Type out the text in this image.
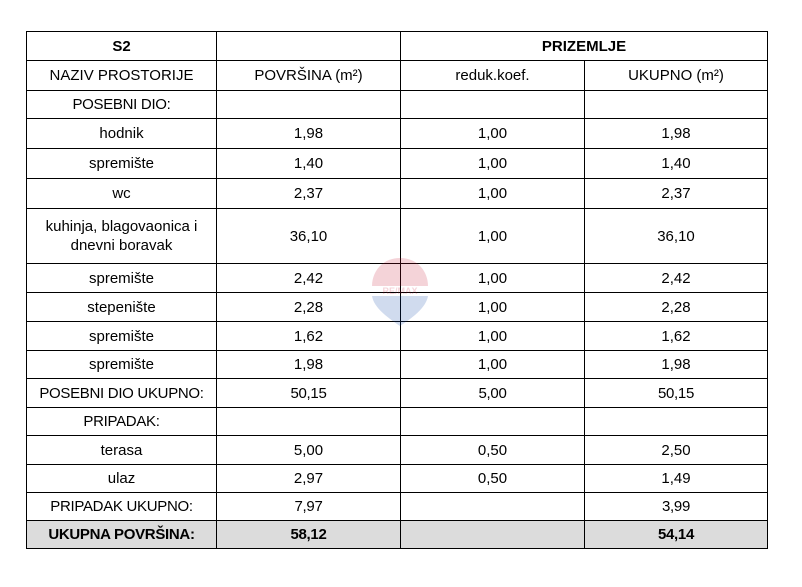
S2		PRIZEMLJE	
NAZIV PROSTORIJE	POVRŠINA (m²)	reduk.koef.	UKUPNO (m²)
POSEBNI DIO:			
hodnik	1,98	1,00	1,98
spremište	1,40	1,00	1,40
wc	2,37	1,00	2,37
kuhinja, blagovaonica i dnevni boravak	36,10	1,00	36,10
spremište	2,42	1,00	2,42
stepenište	2,28	1,00	2,28
spremište	1,62	1,00	1,62
spremište	1,98	1,00	1,98
POSEBNI DIO UKUPNO:	50,15	5,00	50,15
PRIPADAK:			
terasa	5,00	0,50	2,50
ulaz	2,97	0,50	1,49
PRIPADAK UKUPNO:	7,97		3,99
UKUPNA POVRŠINA:	58,12		54,14
RE/MAX
